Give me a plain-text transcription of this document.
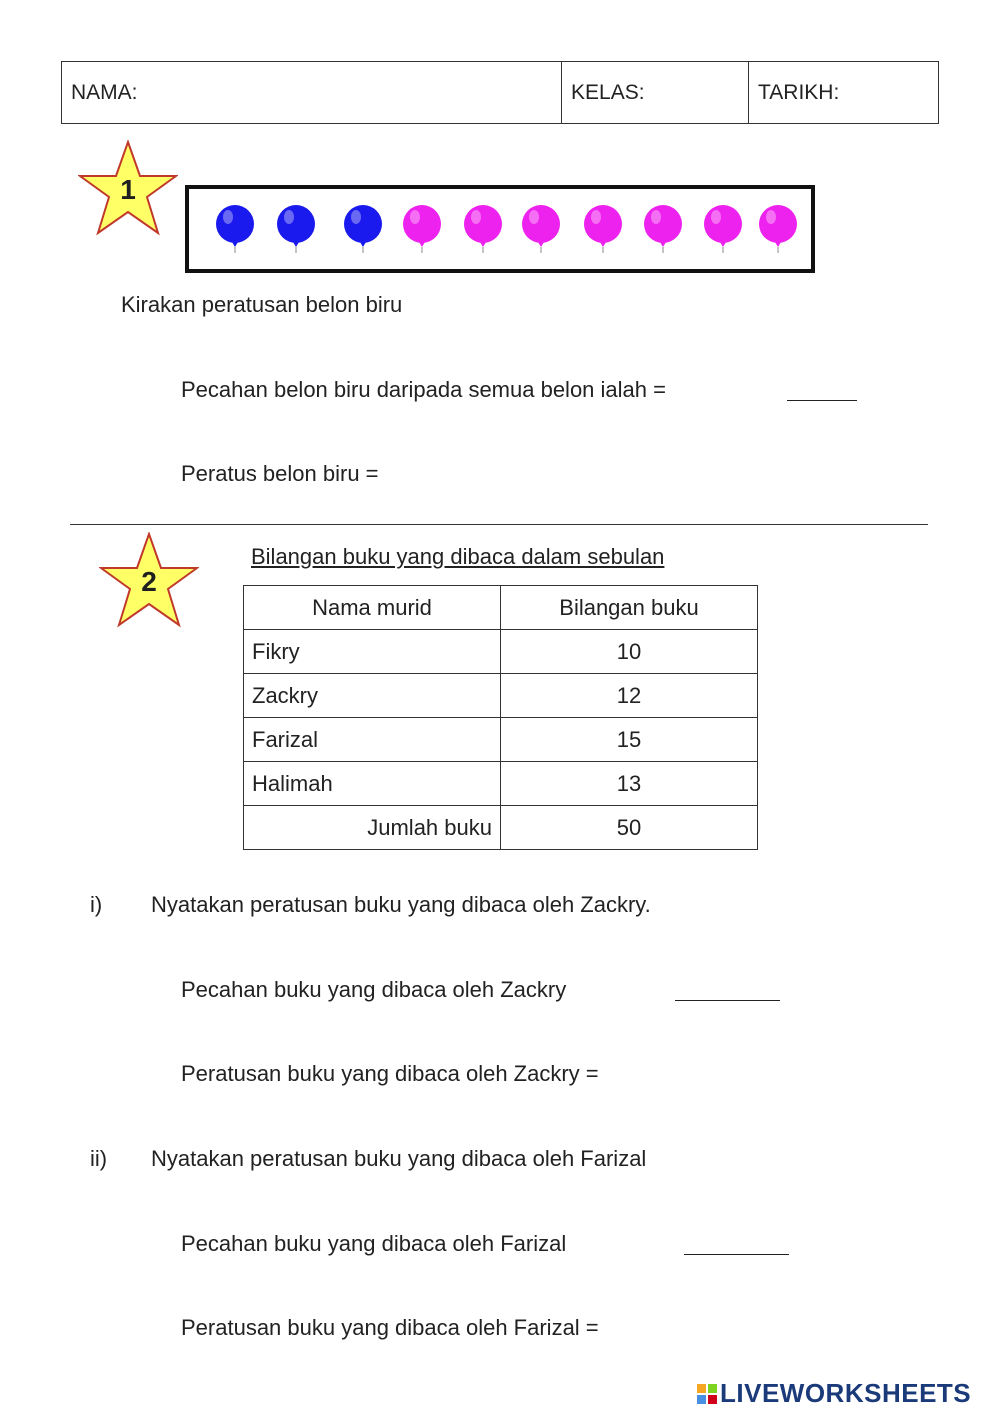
NAMA:	KELAS:	TARIKH:
1
Kirakan peratusan belon biru
Pecahan belon biru daripada semua belon ialah =
Peratus belon biru =
2
Bilangan buku yang dibaca dalam sebulan
Nama murid	Bilangan buku
Fikry	10
Zackry	12
Farizal	15
Halimah	13
Jumlah buku	50
i) Nyatakan peratusan buku yang dibaca oleh Zackry.
Pecahan buku yang dibaca oleh Zackry
Peratusan buku yang dibaca oleh Zackry =
ii) Nyatakan peratusan buku yang dibaca oleh Farizal
Pecahan buku yang dibaca oleh Farizal
Peratusan buku yang dibaca oleh Farizal =
LIVEWORKSHEETS
